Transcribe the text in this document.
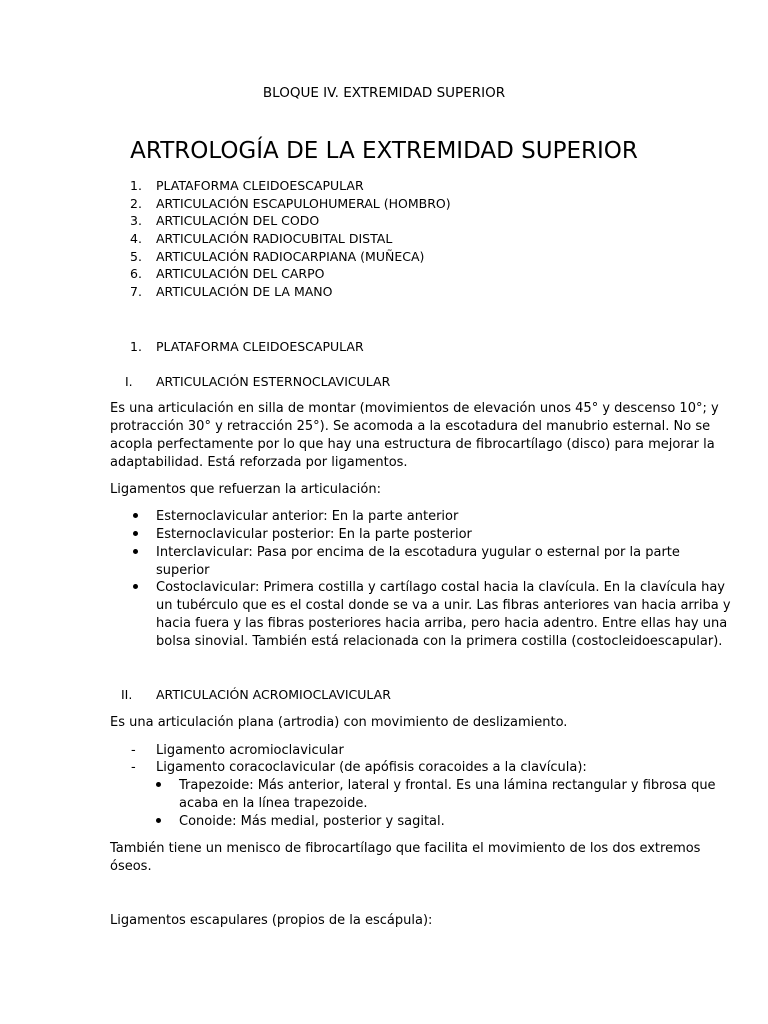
BLOQUE IV. EXTREMIDAD SUPERIOR
ARTROLOGÍA DE LA EXTREMIDAD SUPERIOR
1. PLATAFORMA CLEIDOESCAPULAR
2. ARTICULACIÓN ESCAPULOHUMERAL (HOMBRO)
3. ARTICULACIÓN DEL CODO
4. ARTICULACIÓN RADIOCUBITAL DISTAL
5. ARTICULACIÓN RADIOCARPIANA (MUÑECA)
6. ARTICULACIÓN DEL CARPO
7. ARTICULACIÓN DE LA MANO
1. PLATAFORMA CLEIDOESCAPULAR
I. ARTICULACIÓN ESTERNOCLAVICULAR
Es una articulación en silla de montar (movimientos de elevación unos 45° y descenso 10°; y
protracción 30° y retracción 25°). Se acomoda a la escotadura del manubrio esternal. No se
acopla perfectamente por lo que hay una estructura de fibrocartílago (disco) para mejorar la
adaptabilidad. Está reforzada por ligamentos.
Ligamentos que refuerzan la articulación:
Esternoclavicular anterior: En la parte anterior
Esternoclavicular posterior: En la parte posterior
Interclavicular: Pasa por encima de la escotadura yugular o esternal por la parte
superior
Costoclavicular: Primera costilla y cartílago costal hacia la clavícula. En la clavícula hay
un tubérculo que es el costal donde se va a unir. Las fibras anteriores van hacia arriba y
hacia fuera y las fibras posteriores hacia arriba, pero hacia adentro. Entre ellas hay una
bolsa sinovial. También está relacionada con la primera costilla (costocleidoescapular).
II. ARTICULACIÓN ACROMIOCLAVICULAR
Es una articulación plana (artrodia) con movimiento de deslizamiento.
- Ligamento acromioclavicular
- Ligamento coracoclavicular (de apófisis coracoides a la clavícula):
Trapezoide: Más anterior, lateral y frontal. Es una lámina rectangular y fibrosa que
acaba en la línea trapezoide.
Conoide: Más medial, posterior y sagital.
También tiene un menisco de fibrocartílago que facilita el movimiento de los dos extremos
óseos.
Ligamentos escapulares (propios de la escápula):
